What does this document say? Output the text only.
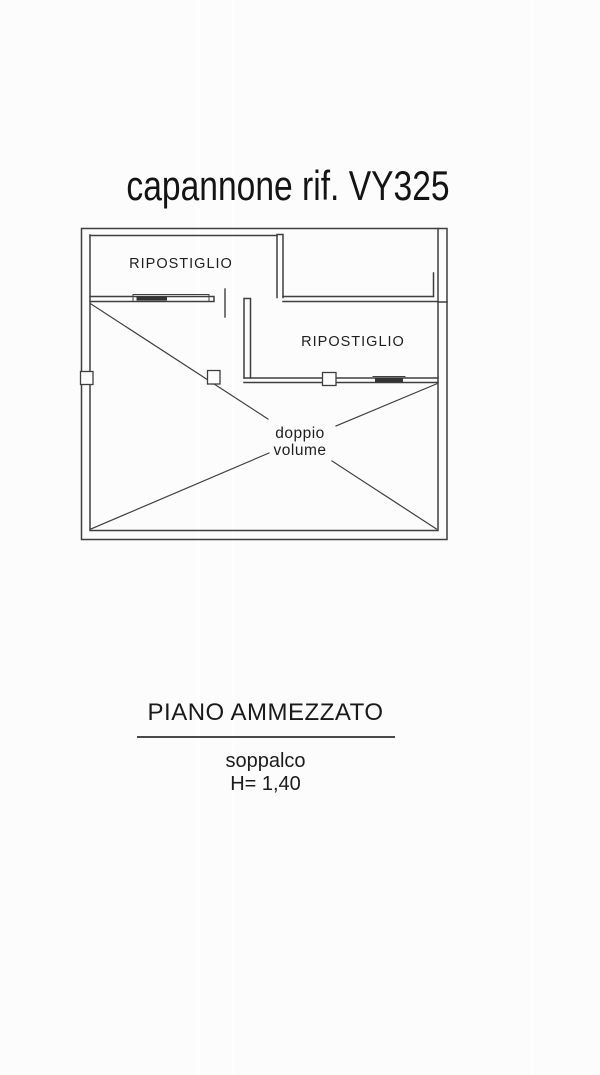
capannone rif. VY325
RIPOSTIGLIO
RIPOSTIGLIO
doppio
volume
PIANO AMMEZZATO
soppalco
H= 1,40
